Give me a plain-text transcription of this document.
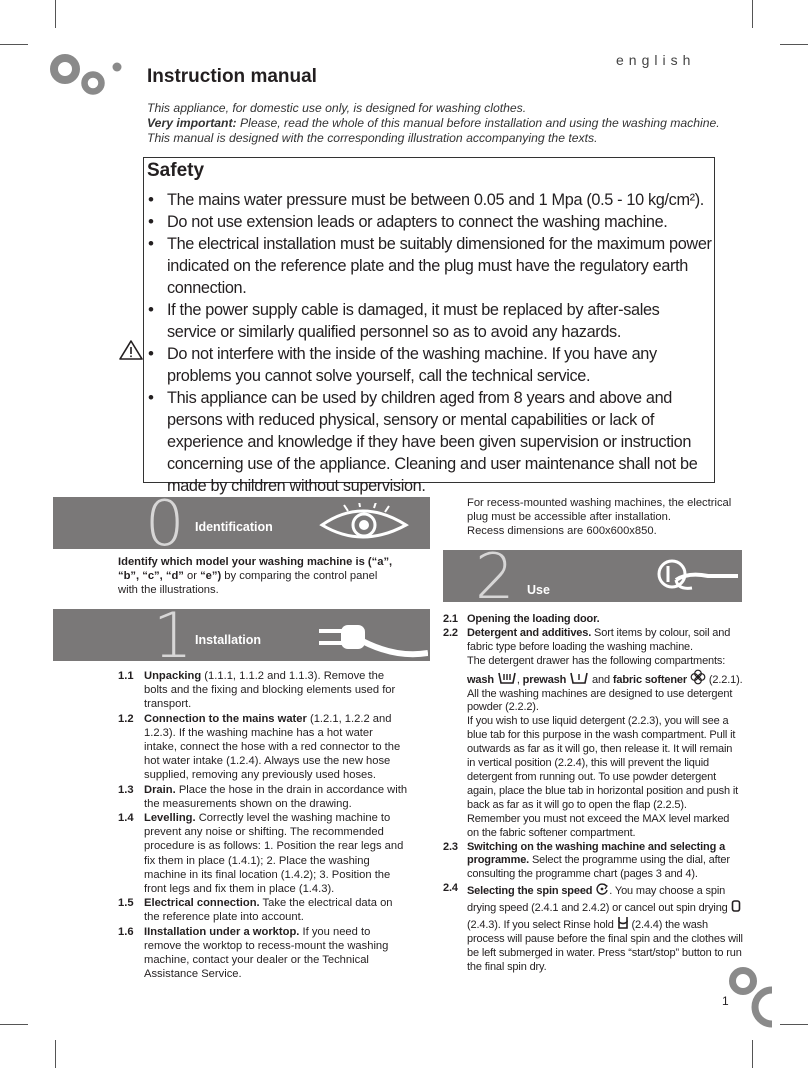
english
Instruction manual
This appliance, for domestic use only, is designed for washing clothes.
Very important: Please, read the whole of this manual before installation and using the washing machine.
This manual is designed with the corresponding illustration accompanying the texts.
Safety
• The mains water pressure must be between 0.05 and 1 Mpa (0.5 - 10 kg/cm²).
• Do not use extension leads or adapters to connect the washing machine.
• The electrical installation must be suitably dimensioned for the maximum power indicated on the reference plate and the plug must have the regulatory earth connection.
• If the power supply cable is damaged, it must be replaced by after-sales service or similarly qualified personnel so as to avoid any hazards.
• Do not interfere with the inside of the washing machine. If you have any problems you cannot solve yourself, call the technical service.
• This appliance can be used by children aged from 8 years and above and persons with reduced physical, sensory or mental capabilities or lack of experience and knowledge if they have been given supervision or instruction concerning use of the appliance. Cleaning and user maintenance shall not be made by children without supervision.
0 Identification
Identify which model your washing machine is (“a”, “b”, “c”, “d” or “e”) by comparing the control panel with the illustrations.
1 Installation
1.1 Unpacking (1.1.1, 1.1.2 and 1.1.3). Remove the bolts and the fixing and blocking elements used for transport.
1.2 Connection to the mains water (1.2.1, 1.2.2 and 1.2.3). If the washing machine has a hot water intake, connect the hose with a red connector to the hot water intake (1.2.4). Always use the new hose supplied, removing any previously used hoses.
1.3 Drain. Place the hose in the drain in accordance with the measurements shown on the drawing.
1.4 Levelling. Correctly level the washing machine to prevent any noise or shifting. The recommended procedure is as follows: 1. Position the rear legs and fix them in place (1.4.1); 2. Place the washing machine in its final location (1.4.2); 3. Position the front legs and fix them in place (1.4.3).
1.5 Electrical connection. Take the electrical data on the reference plate into account.
1.6 IInstallation under a worktop. If you need to remove the worktop to recess-mount the washing machine, contact your dealer or the Technical Assistance Service.
For recess-mounted washing machines, the electrical plug must be accessible after installation.
Recess dimensions are 600x600x850.
2 Use
2.1 Opening the loading door.
2.2 Detergent and additives. Sort items by colour, soil and fabric type before loading the washing machine.
The detergent drawer has the following compartments:
wash , prewash  and fabric softener  (2.2.1).
All the washing machines are designed to use detergent powder (2.2.2).
If you wish to use liquid detergent (2.2.3), you will see a blue tab for this purpose in the wash compartment. Pull it outwards as far as it will go, then release it. It will remain in vertical position (2.2.4), this will prevent the liquid detergent from running out. To use powder detergent again, place the blue tab in horizontal position and push it back as far as it will go to open the flap (2.2.5).
Remember you must not exceed the MAX level marked on the fabric softener compartment.
2.3 Switching on the washing machine and selecting a programme. Select the programme using the dial, after consulting the programme chart (pages 3 and 4).
2.4 Selecting the spin speed . You may choose a spin drying speed (2.4.1 and 2.4.2) or cancel out spin drying  (2.4.3). If you select Rinse hold  (2.4.4) the wash process will pause before the final spin and the clothes will be left submerged in water. Press “start/stop” button to run the final spin dry.
1
